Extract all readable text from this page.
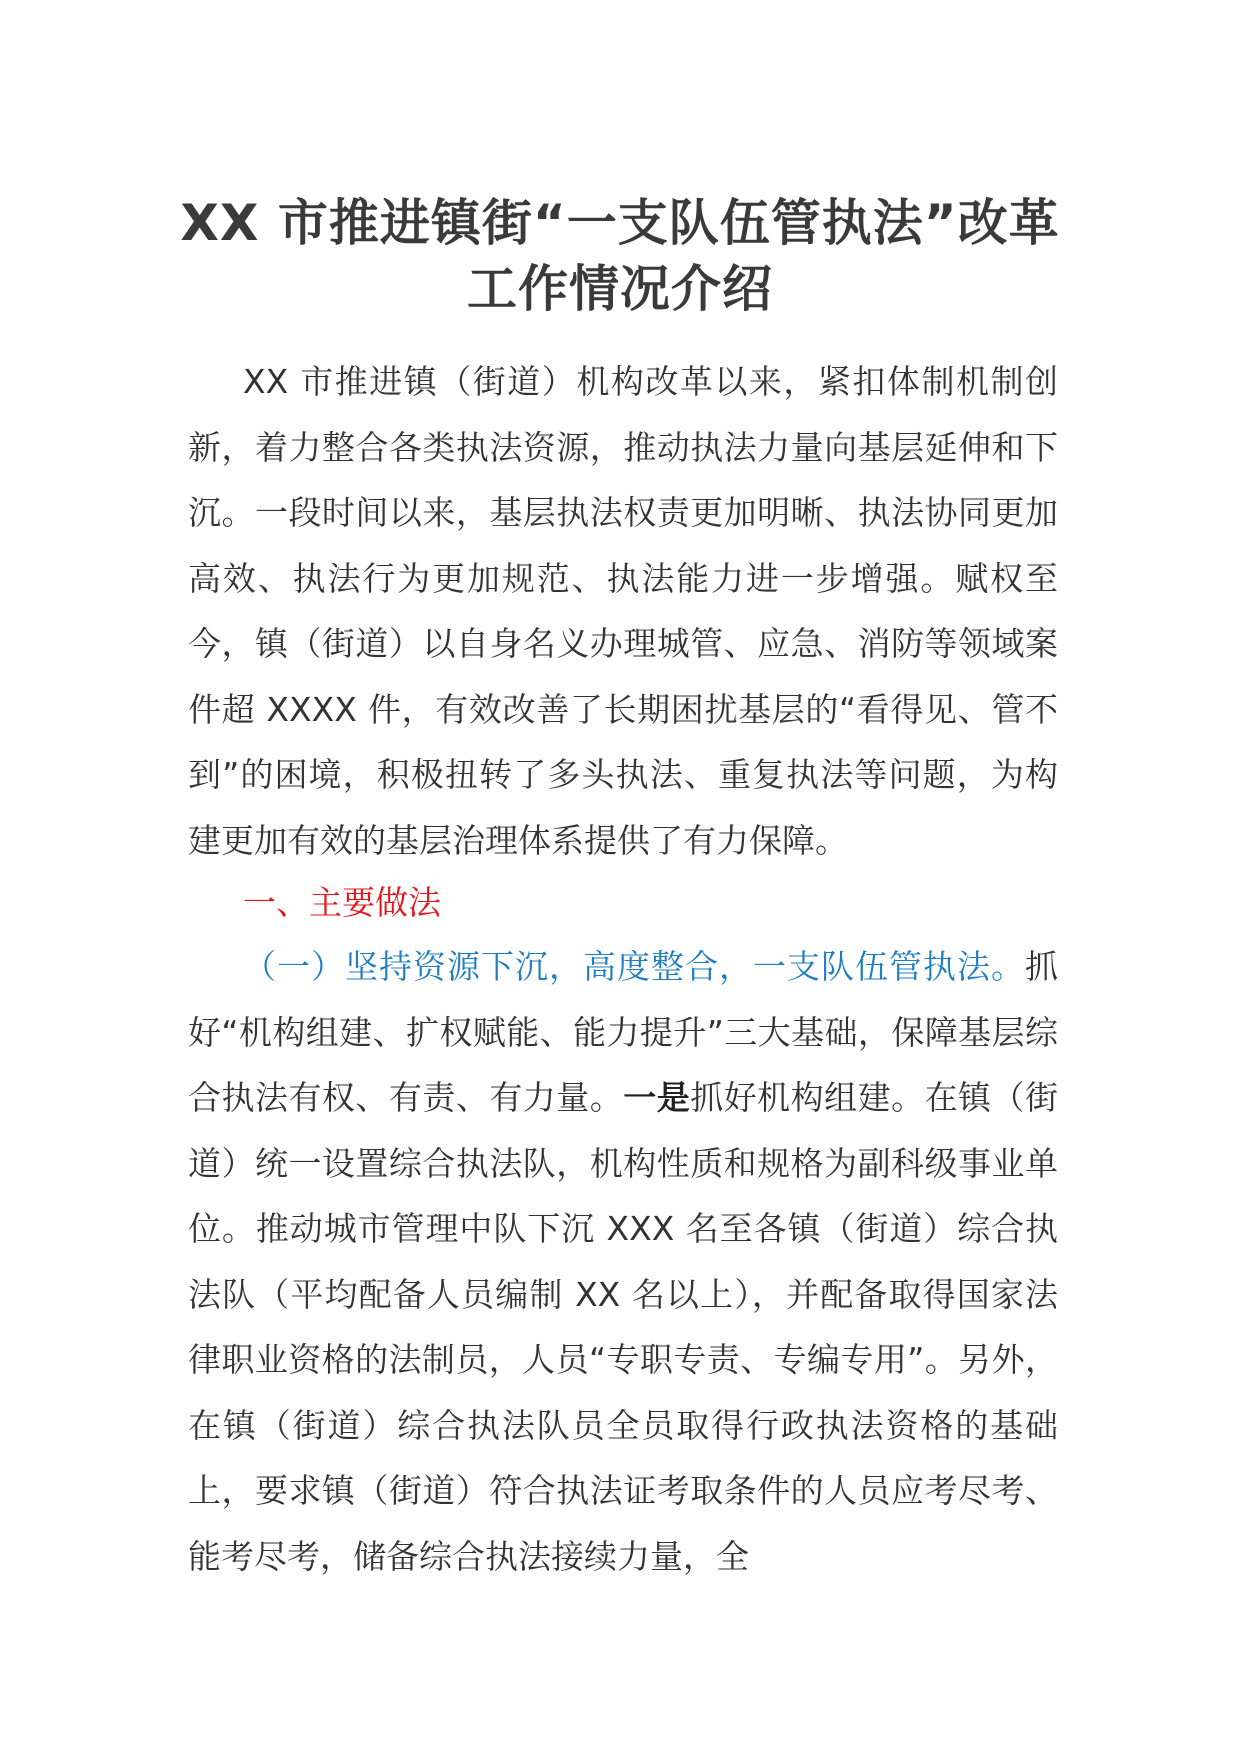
XX 市推进镇街“一支队伍管执法”改革工作情况介绍
XX 市推进镇（街道）机构改革以来，紧扣体制机制创新，着力整合各类执法资源，推动执法力量向基层延伸和下沉。一段时间以来，基层执法权责更加明晰、执法协同更加高效、执法行为更加规范、执法能力进一步增强。赋权至今，镇（街道）以自身名义办理城管、应急、消防等领域案件超 XXXX 件，有效改善了长期困扰基层的“看得见、管不到”的困境，积极扭转了多头执法、重复执法等问题，为构建更加有效的基层治理体系提供了有力保障。
一、主要做法
（一）坚持资源下沉，高度整合，一支队伍管执法。抓好“机构组建、扩权赋能、能力提升”三大基础，保障基层综合执法有权、有责、有力量。一是抓好机构组建。在镇（街道）统一设置综合执法队，机构性质和规格为副科级事业单位。推动城市管理中队下沉 XXX 名至各镇（街道）综合执法队（平均配备人员编制 XX 名以上），并配备取得国家法律职业资格的法制员，人员“专职专责、专编专用”。另外，在镇（街道）综合执法队员全员取得行政执法资格的基础上，要求镇（街道）符合执法证考取条件的人员应考尽考、能考尽考，储备综合执法接续力量，全
